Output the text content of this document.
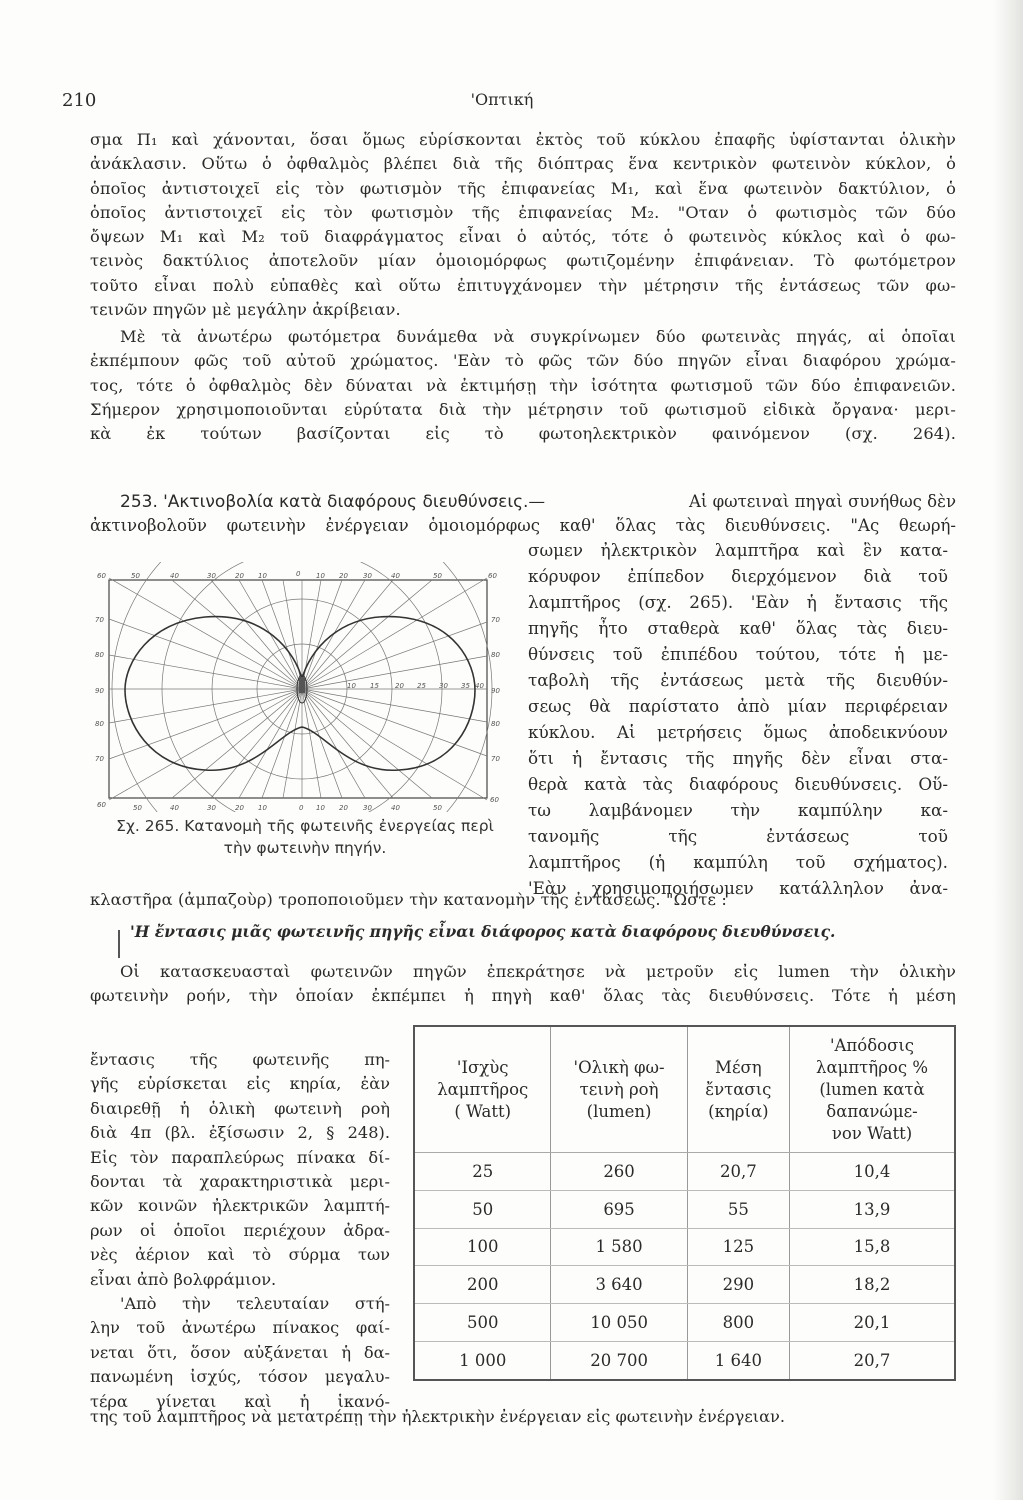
210	'Οπτική
σμα Π₁ καὶ χάνονται, ὅσαι ὅμως εὑρίσκονται ἐκτὸς τοῦ κύκλου ἐπαφῆς ὑφίστανται ὁλικὴν
ἀνάκλασιν. Οὕτω ὁ ὀφθαλμὸς βλέπει διὰ τῆς διόπτρας ἕνα κεντρικὸν φωτεινὸν κύκλον, ὁ
ὁποῖος ἀντιστοιχεῖ εἰς τὸν φωτισμὸν τῆς ἐπιφανείας M₁, καὶ ἕνα φωτεινὸν δακτύλιον, ὁ
ὁποῖος ἀντιστοιχεῖ εἰς τὸν φωτισμὸν τῆς ἐπιφανείας M₂. "Οταν ὁ φωτισμὸς τῶν δύο
ὄψεων M₁ καὶ M₂ τοῦ διαφράγματος εἶναι ὁ αὐτός, τότε ὁ φωτεινὸς κύκλος καὶ ὁ φω-
τεινὸς δακτύλιος ἀποτελοῦν μίαν ὁμοιομόρφως φωτιζομένην ἐπιφάνειαν. Τὸ φωτόμετρον
τοῦτο εἶναι πολὺ εὐπαθὲς καὶ οὕτω ἐπιτυγχάνομεν τὴν μέτρησιν τῆς ἐντάσεως τῶν φω-
τεινῶν πηγῶν μὲ μεγάλην ἀκρίβειαν.
Μὲ τὰ ἀνωτέρω φωτόμετρα δυνάμεθα νὰ συγκρίνωμεν δύο φωτεινὰς πηγάς, αἱ ὁποῖαι
ἐκπέμπουν φῶς τοῦ αὐτοῦ χρώματος. 'Εὰν τὸ φῶς τῶν δύο πηγῶν εἶναι διαφόρου χρώμα-
τος, τότε ὁ ὀφθαλμὸς δὲν δύναται νὰ ἐκτιμήσῃ τὴν ἰσότητα φωτισμοῦ τῶν δύο ἐπιφανειῶν.
Σήμερον χρησιμοποιοῦνται εὐρύτατα διὰ τὴν μέτρησιν τοῦ φωτισμοῦ εἰδικὰ ὄργανα· μερι-
κὰ ἐκ τούτων βασίζονται εἰς τὸ φωτοηλεκτρικὸν φαινόμενον (σχ. 264).
253. 'Ακτινοβολία κατὰ διαφόρους διευθύνσεις.—	Αἱ φωτειναὶ πηγαὶ συνήθως δὲν
ἀκτινοβολοῦν φωτεινὴν ἐνέργειαν ὁμοιομόρφως καθ' ὅλας τὰς διευθύνσεις. "Ας θεωρή-
60	50	40	30	20 10	0 10 20 30	40	50	60
60	50	40	30	20 10	0 10 20 30	40	50
60
70
80
90
80
70
70
80
90
80
70
10 15 20 25 30 35 40
Σχ. 265. Κατανομὴ τῆς φωτεινῆς ἐνεργείας περὶ
τὴν φωτεινὴν πηγήν.
σωμεν ἠλεκτρικὸν λαμπτῆρα καὶ ἓν κατα-
κόρυφον ἐπίπεδον διερχόμενον διὰ τοῦ
λαμπτῆρος (σχ. 265). 'Εὰν ἡ ἔντασις τῆς
πηγῆς ἦτο σταθερὰ καθ' ὅλας τὰς διευ-
θύνσεις τοῦ ἐπιπέδου τούτου, τότε ἡ με-
ταβολὴ τῆς ἐντάσεως μετὰ τῆς διευθύν-
σεως θὰ παρίστατο ἀπὸ μίαν περιφέρειαν
κύκλου. Αἱ μετρήσεις ὅμως ἀποδεικνύουν
ὅτι ἡ ἔντασις τῆς πηγῆς δὲν εἶναι στα-
θερὰ κατὰ τὰς διαφόρους διευθύνσεις. Οὕ-
τω λαμβάνομεν τὴν καμπύλην κα-
τανομῆς τῆς ἐντάσεως τοῦ
λαμπτῆρος (ἡ καμπύλη τοῦ σχήματος).
'Εὰν χρησιμοποιήσωμεν κατάλληλον ἀνα-
κλαστῆρα (ἀμπαζοὺρ) τροποποιοῦμεν τὴν κατανομὴν τῆς ἐντάσεως. "Ωστε :
'Η ἔντασις μιᾶς φωτεινῆς πηγῆς εἶναι διάφορος κατὰ διαφόρους διευθύνσεις.
Οἱ κατασκευασταὶ φωτεινῶν πηγῶν ἐπεκράτησε νὰ μετροῦν εἰς lumen τὴν ὁλικὴν
φωτεινὴν ροήν, τὴν ὁποίαν ἐκπέμπει ἡ πηγὴ καθ' ὅλας τὰς διευθύνσεις. Τότε ἡ μέση
ἔντασις τῆς φωτεινῆς πη-
γῆς εὑρίσκεται εἰς κηρία, ἐὰν
διαιρεθῇ ἡ ὁλικὴ φωτεινὴ ροὴ
διὰ 4π (βλ. ἐξίσωσιν 2, § 248).
Εἰς τὸν παραπλεύρως πίνακα δί-
δονται τὰ χαρακτηριστικὰ μερι-
κῶν κοινῶν ἠλεκτρικῶν λαμπτή-
ρων οἱ ὁποῖοι περιέχουν ἀδρα-
νὲς ἀέριον καὶ τὸ σύρμα των
εἶναι ἀπὸ βολφράμιον.
'Απὸ τὴν τελευταίαν στή-
λην τοῦ ἀνωτέρω πίνακος φαί-
νεται ὅτι, ὅσον αὐξάνεται ἡ δα-
πανωμένη ἰσχύς, τόσον μεγαλυ-
τέρα γίνεται καὶ ἡ ἱκανό-
'Ισχὺς
λαμπτῆρος
( Watt)

'Ολικὴ φω-
τεινὴ ροὴ
(lumen)

Μέση
ἔντασις
(κηρία)

'Απόδοσις
λαμπτῆρος %
(lumen κατὰ
δαπανώμε-
νον Watt)

25	260	20,7	10,4
50	695	55	13,9
100	1 580	125	15,8
200	3 640	290	18,2
500	10 050	800	20,1
1 000	20 700	1 640	20,7
της τοῦ λαμπτῆρος νὰ μετατρέπῃ τὴν ἠλεκτρικὴν ἐνέργειαν εἰς φωτεινὴν ἐνέργειαν.
